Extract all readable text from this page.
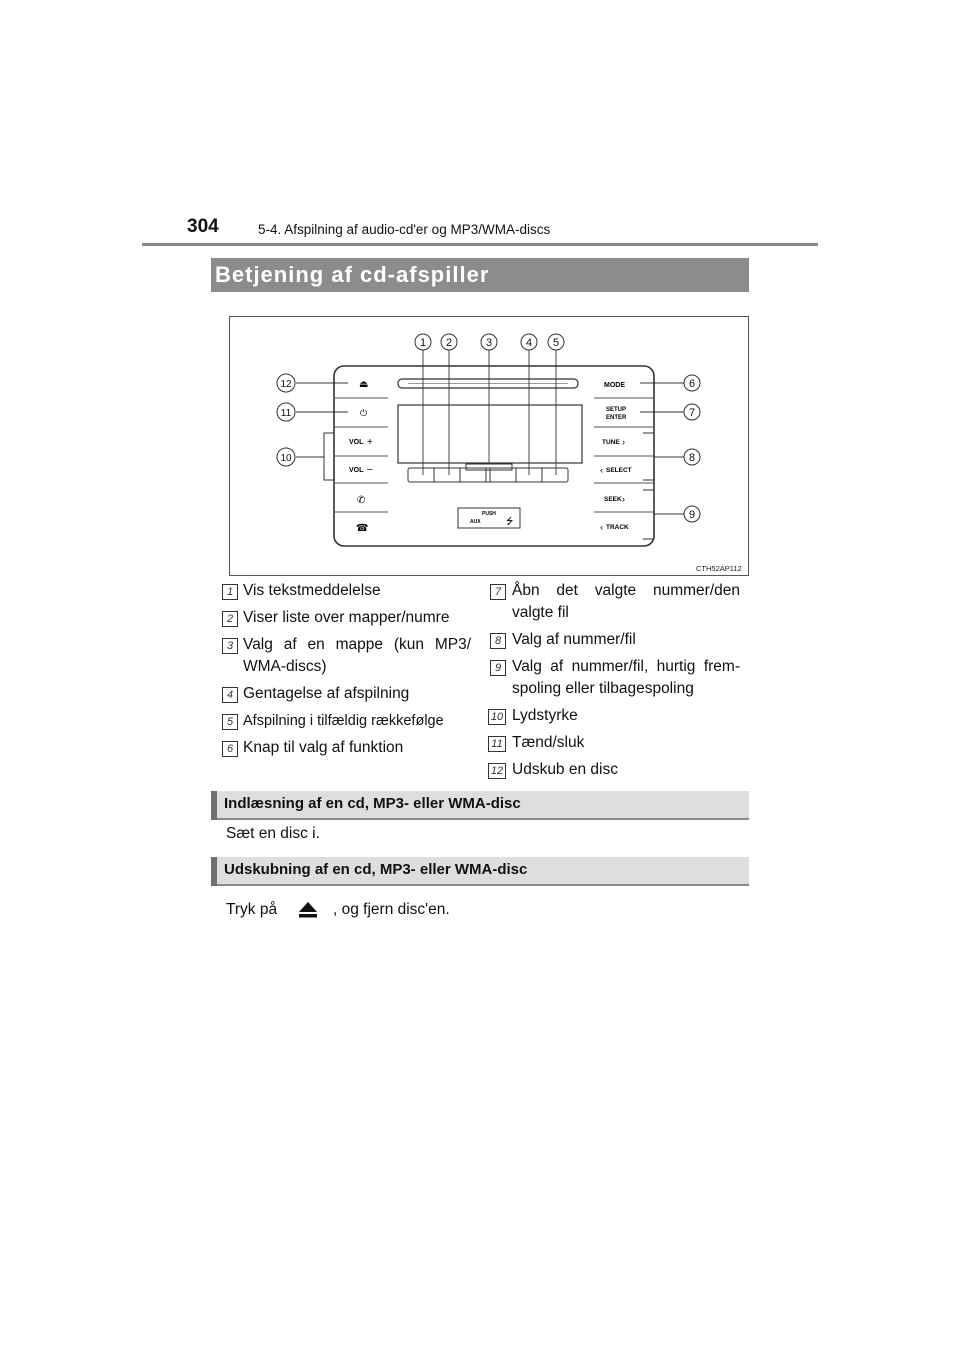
304	5-4. Afspilning af audio-cd'er og MP3/WMA-discs
Betjening af cd-afspiller
PUSH
AUX	⭍
⏏
⏻
VOL +
VOL –
✆
☎
MODE
SETUP
ENTER
TUNE ›
‹ SELECT
SEEK ›
‹ TRACK
1 2	3	4 5
6
7
8
9
10
11
12
CTH52AP112
1 Vis tekstmeddelelse
2 Viser liste over mapper/numre
3 Valg af en mappe (kun MP3/
WMA-discs)
4 Gentagelse af afspilning
5 Afspilning i tilfældig rækkefølge
6 Knap til valg af funktion
7 Åbn det valgte nummer/den
valgte fil
8 Valg af nummer/fil
9 Valg af nummer/fil, hurtig frem-
spoling eller tilbagespoling
10 Lydstyrke
11 Tænd/sluk
12 Udskub en disc
Indlæsning af en cd, MP3- eller WMA-disc
Sæt en disc i.
Udskubning af en cd, MP3- eller WMA-disc
Tryk på	, og fjern disc'en.
